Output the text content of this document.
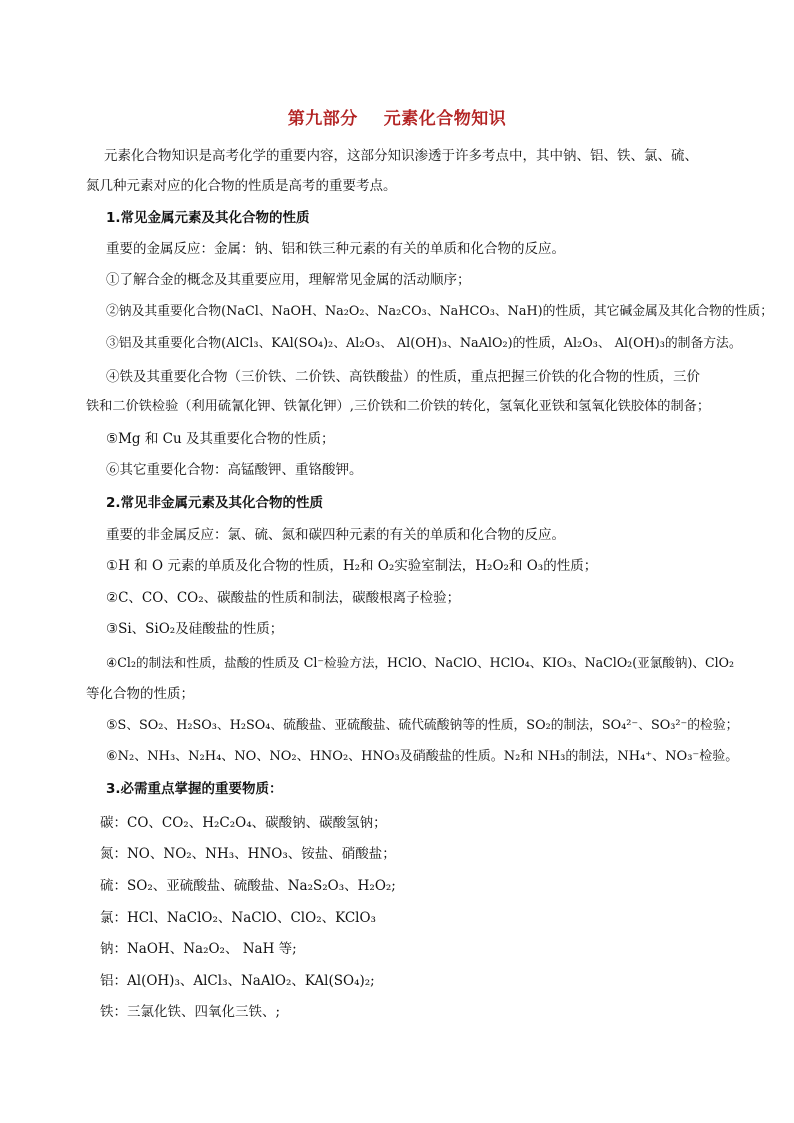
第九部分 元素化合物知识
元素化合物知识是高考化学的重要内容，这部分知识渗透于许多考点中，其中钠、铝、铁、氯、硫、
氮几种元素对应的化合物的性质是高考的重要考点。
1.常见金属元素及其化合物的性质
重要的金属反应：金属：钠、铝和铁三种元素的有关的单质和化合物的反应。
①了解合金的概念及其重要应用，理解常见金属的活动顺序；
②钠及其重要化合物(NaCl、NaOH、Na₂O₂、Na₂CO₃、NaHCO₃、NaH)的性质，其它碱金属及其化合物的性质；
③铝及其重要化合物(AlCl₃、KAl(SO₄)₂、Al₂O₃、 Al(OH)₃、NaAlO₂)的性质，Al₂O₃、 Al(OH)₃的制备方法。
④铁及其重要化合物（三价铁、二价铁、高铁酸盐）的性质，重点把握三价铁的化合物的性质，三价
铁和二价铁检验（利用硫氰化钾、铁氰化钾）,三价铁和二价铁的转化，氢氧化亚铁和氢氧化铁胶体的制备；
⑤Mg 和 Cu 及其重要化合物的性质；
⑥其它重要化合物：高锰酸钾、重铬酸钾。
2.常见非金属元素及其化合物的性质
重要的非金属反应：氯、硫、氮和碳四种元素的有关的单质和化合物的反应。
①H 和 O 元素的单质及化合物的性质，H₂和 O₂实验室制法，H₂O₂和 O₃的性质；
②C、CO、CO₂、碳酸盐的性质和制法，碳酸根离子检验；
③Si、SiO₂及硅酸盐的性质；
④Cl₂的制法和性质，盐酸的性质及 Cl⁻检验方法，HClO、NaClO、HClO₄、KIO₃、NaClO₂(亚氯酸钠)、ClO₂
等化合物的性质；
⑤S、SO₂、H₂SO₃、H₂SO₄、硫酸盐、亚硫酸盐、硫代硫酸钠等的性质，SO₂的制法，SO₄²⁻、SO₃²⁻的检验；
⑥N₂、NH₃、N₂H₄、NO、NO₂、HNO₂、HNO₃及硝酸盐的性质。N₂和 NH₃的制法，NH₄⁺、NO₃⁻检验。
3.必需重点掌握的重要物质：
碳：CO、CO₂、H₂C₂O₄、碳酸钠、碳酸氢钠；
氮：NO、NO₂、NH₃、HNO₃、铵盐、硝酸盐；
硫：SO₂、亚硫酸盐、硫酸盐、Na₂S₂O₃、H₂O₂;
氯：HCl、NaClO₂、NaClO、ClO₂、KClO₃
钠：NaOH、Na₂O₂、 NaH 等;
铝：Al(OH)₃、AlCl₃、NaAlO₂、KAl(SO₄)₂;
铁：三氯化铁、四氧化三铁、;
